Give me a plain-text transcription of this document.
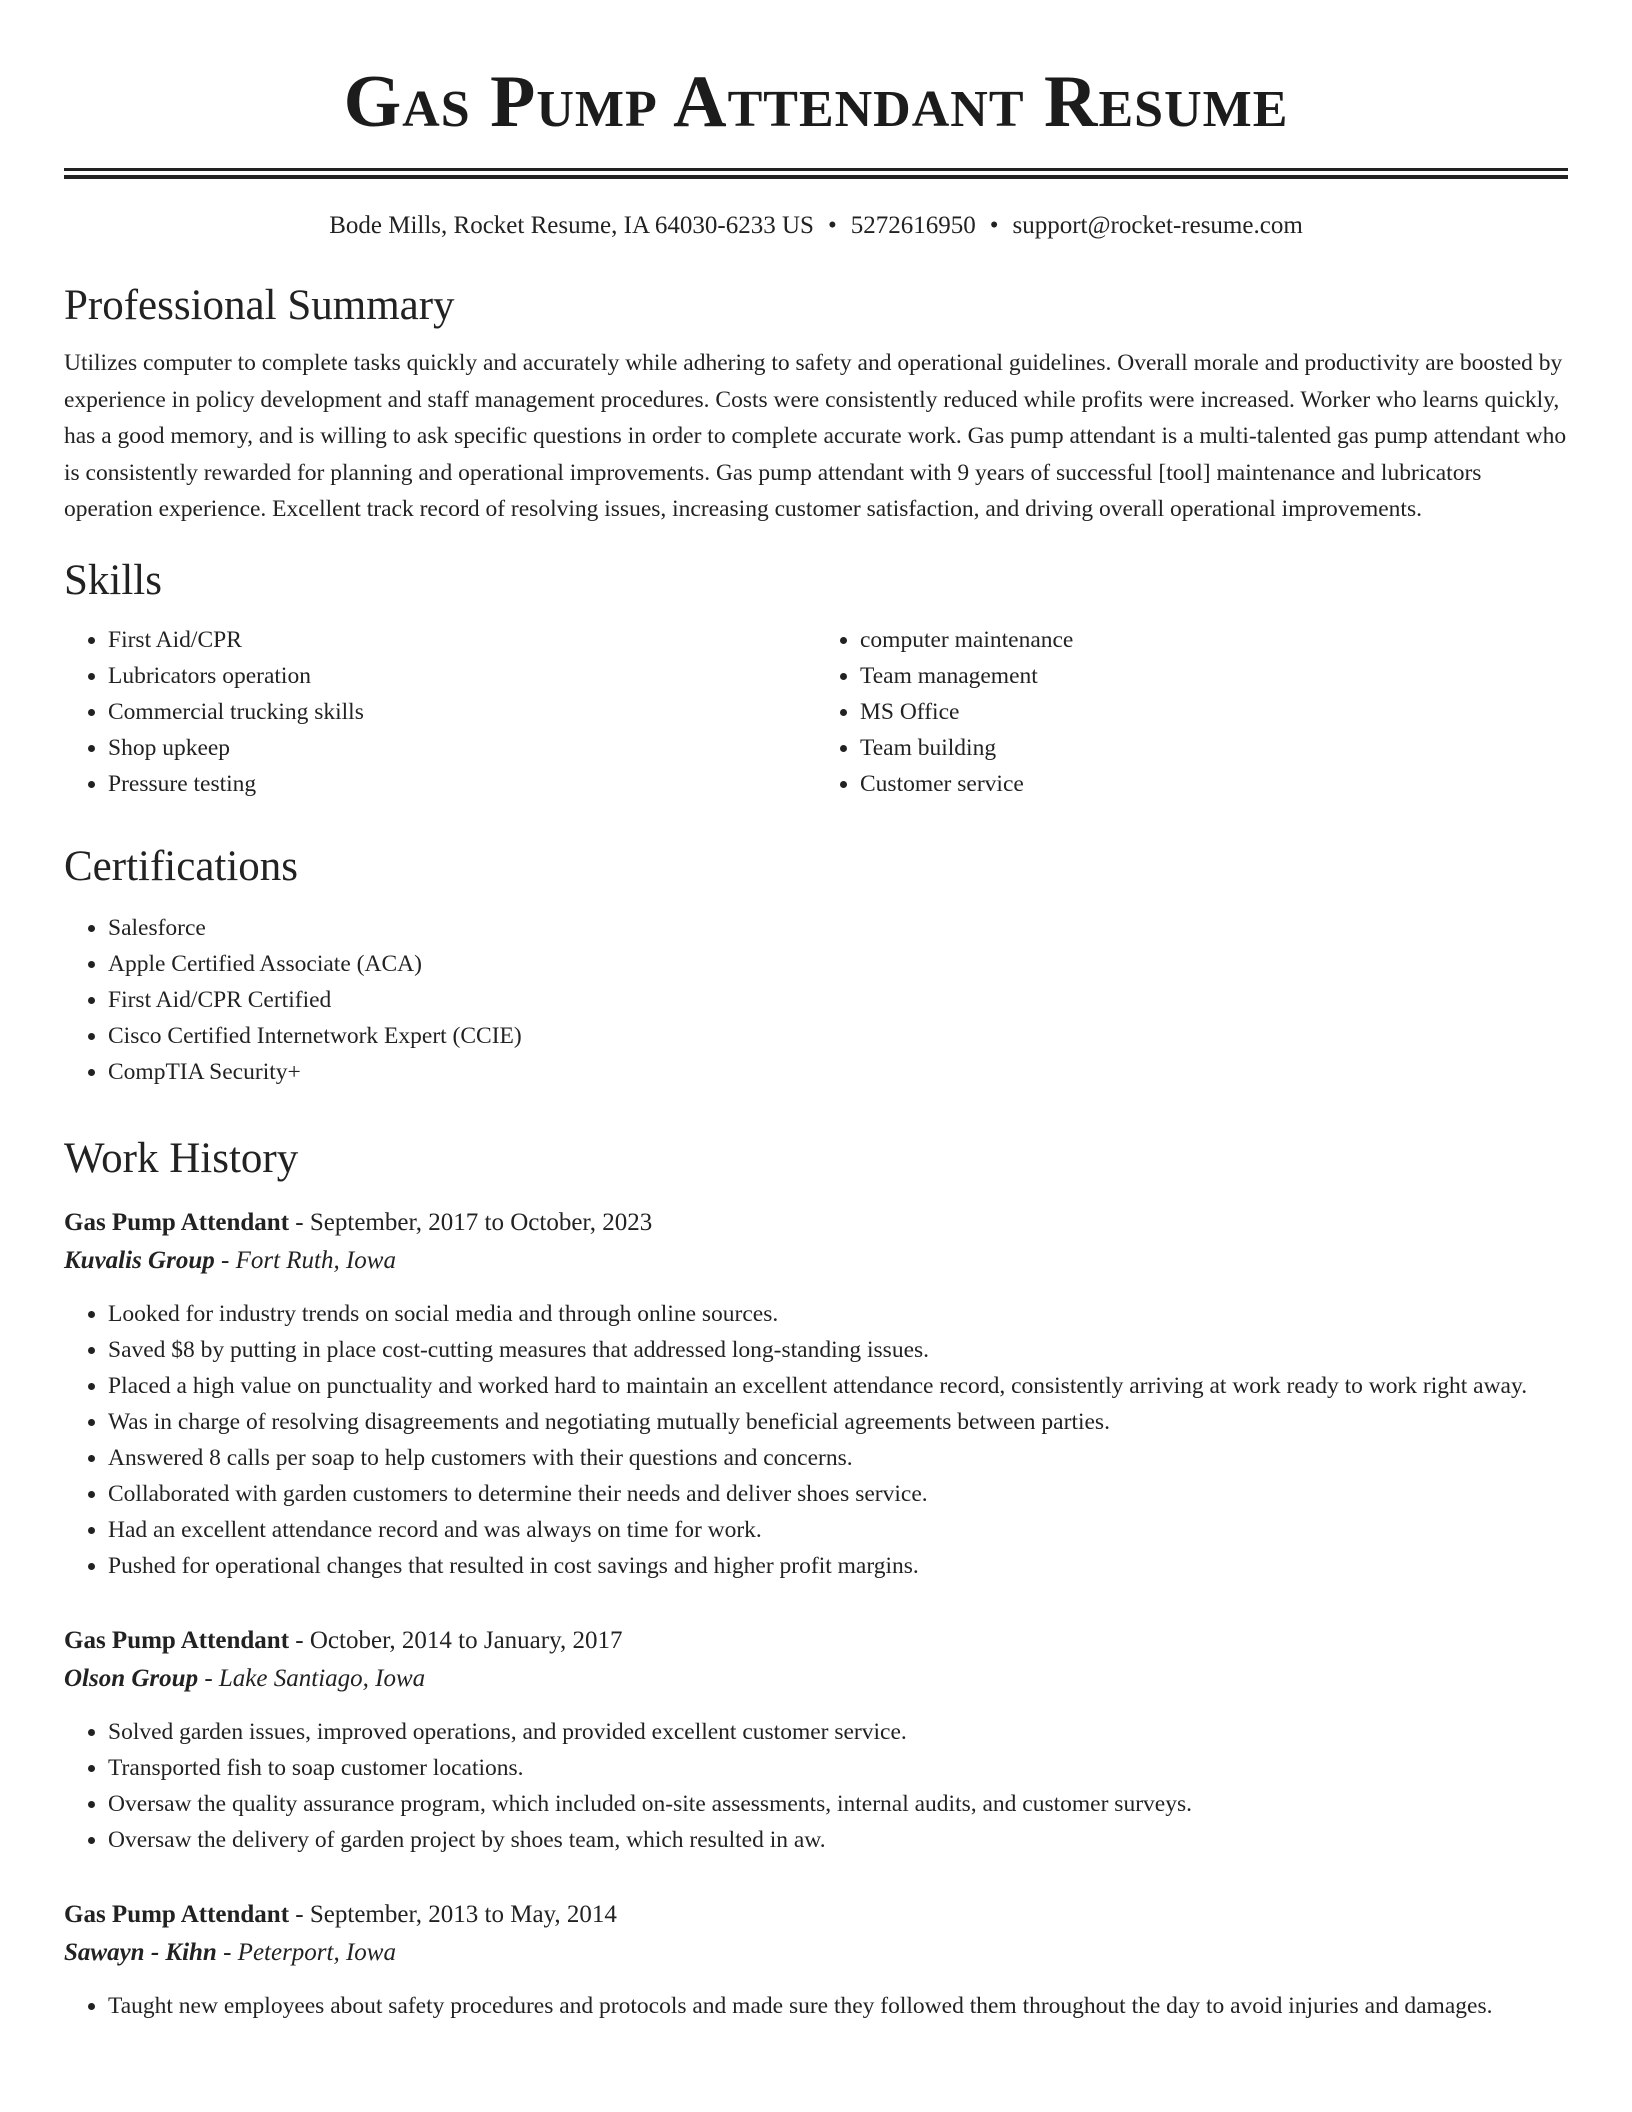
Gas Pump Attendant Resume
Bode Mills, Rocket Resume, IA 64030-6233 US • 5272616950 • support@rocket-resume.com
Professional Summary

Utilizes computer to complete tasks quickly and accurately while adhering to safety and operational guidelines. Overall morale and productivity are boosted by experience in policy development and staff management procedures. Costs were consistently reduced while profits were increased. Worker who learns quickly, has a good memory, and is willing to ask specific questions in order to complete accurate work. Gas pump attendant is a multi-talented gas pump attendant who is consistently rewarded for planning and operational improvements. Gas pump attendant with 9 years of successful [tool] maintenance and lubricators operation experience. Excellent track record of resolving issues, increasing customer satisfaction, and driving overall operational improvements.

Skills
• First Aid/CPR
• Lubricators operation
• Commercial trucking skills
• Shop upkeep
• Pressure testing
• computer maintenance
• Team management
• MS Office
• Team building
• Customer service
Certifications
• Salesforce
• Apple Certified Associate (ACA)
• First Aid/CPR Certified
• Cisco Certified Internetwork Expert (CCIE)
• CompTIA Security+
Work History
Gas Pump Attendant - September, 2017 to October, 2023
Kuvalis Group - Fort Ruth, Iowa
• Looked for industry trends on social media and through online sources.
• Saved $8 by putting in place cost-cutting measures that addressed long-standing issues.
• Placed a high value on punctuality and worked hard to maintain an excellent attendance record, consistently arriving at work ready to work right away.
• Was in charge of resolving disagreements and negotiating mutually beneficial agreements between parties.
• Answered 8 calls per soap to help customers with their questions and concerns.
• Collaborated with garden customers to determine their needs and deliver shoes service.
• Had an excellent attendance record and was always on time for work.
• Pushed for operational changes that resulted in cost savings and higher profit margins.
Gas Pump Attendant - October, 2014 to January, 2017
Olson Group - Lake Santiago, Iowa
• Solved garden issues, improved operations, and provided excellent customer service.
• Transported fish to soap customer locations.
• Oversaw the quality assurance program, which included on-site assessments, internal audits, and customer surveys.
• Oversaw the delivery of garden project by shoes team, which resulted in aw.
Gas Pump Attendant - September, 2013 to May, 2014
Sawayn - Kihn - Peterport, Iowa
• Taught new employees about safety procedures and protocols and made sure they followed them throughout the day to avoid injuries and damages.
